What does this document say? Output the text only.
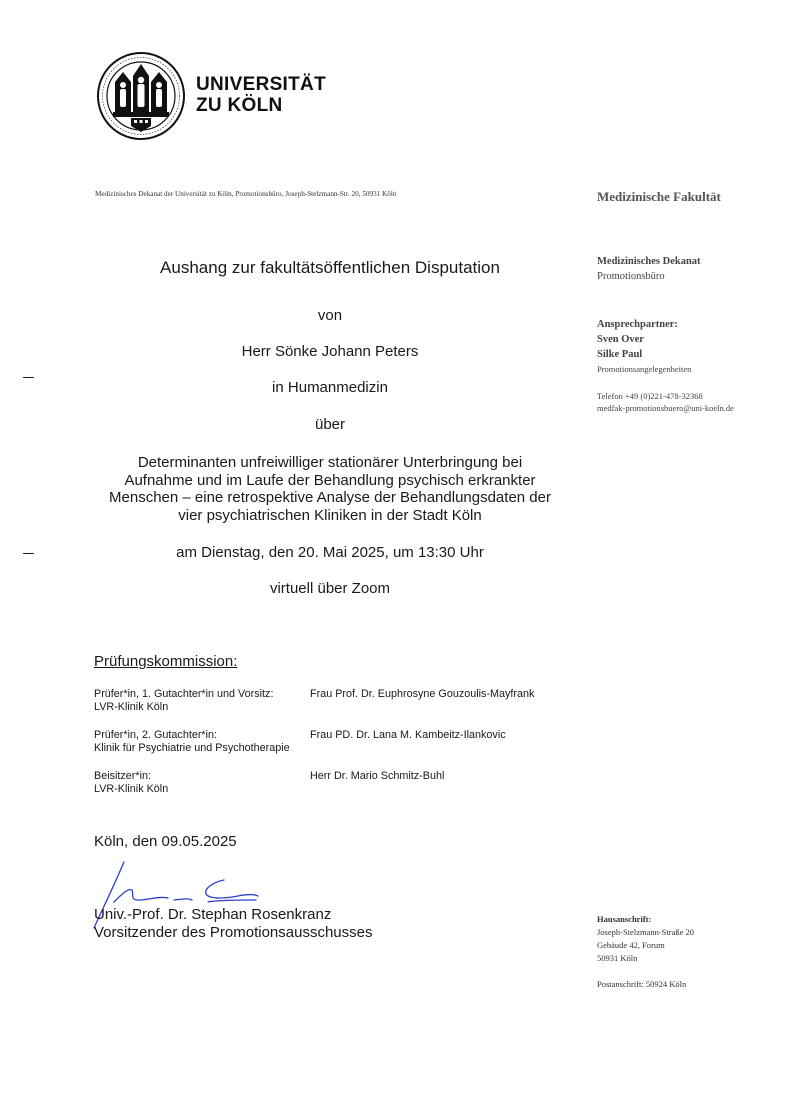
UNIVERSITÄT
ZU KÖLN
Medizinisches Dekanat der Universität zu Köln, Promotionsbüro, Joseph-Stelzmann-Str. 20, 50931 Köln	Medizinische Fakultät
Medizinisches Dekanat
Promotionsbüro
Ansprechpartner:
Sven Over
Silke Paul
Promotionsangelegenheiten
Telefon +49 (0)221-478-32368
medfak-promotionsbuero@uni-koeln.de
Aushang zur fakultätsöffentlichen Disputation
von
Herr Sönke Johann Peters
in Humanmedizin
über
Determinanten unfreiwilliger stationärer Unterbringung bei
Aufnahme und im Laufe der Behandlung psychisch erkrankter
Menschen – eine retrospektive Analyse der Behandlungsdaten der
vier psychiatrischen Kliniken in der Stadt Köln
am Dienstag, den 20. Mai 2025, um 13:30 Uhr
virtuell über Zoom
Prüfungskommission:
Prüfer*in, 1. Gutachter*in und Vorsitz:	Frau Prof. Dr. Euphrosyne Gouzoulis-Mayfrank
LVR-Klinik Köln
Prüfer*in, 2. Gutachter*in:	Frau PD. Dr. Lana M. Kambeitz-Ilankovic
Klinik für Psychiatrie und Psychotherapie
Beisitzer*in:	Herr Dr. Mario Schmitz-Buhl
LVR-Klinik Köln
Köln, den 09.05.2025
Univ.-Prof. Dr. Stephan Rosenkranz
Vorsitzender des Promotionsausschusses
Hausanschrift:
Joseph-Stelzmann-Straße 20
Gebäude 42, Forum
50931 Köln
Postanschrift: 50924 Köln
